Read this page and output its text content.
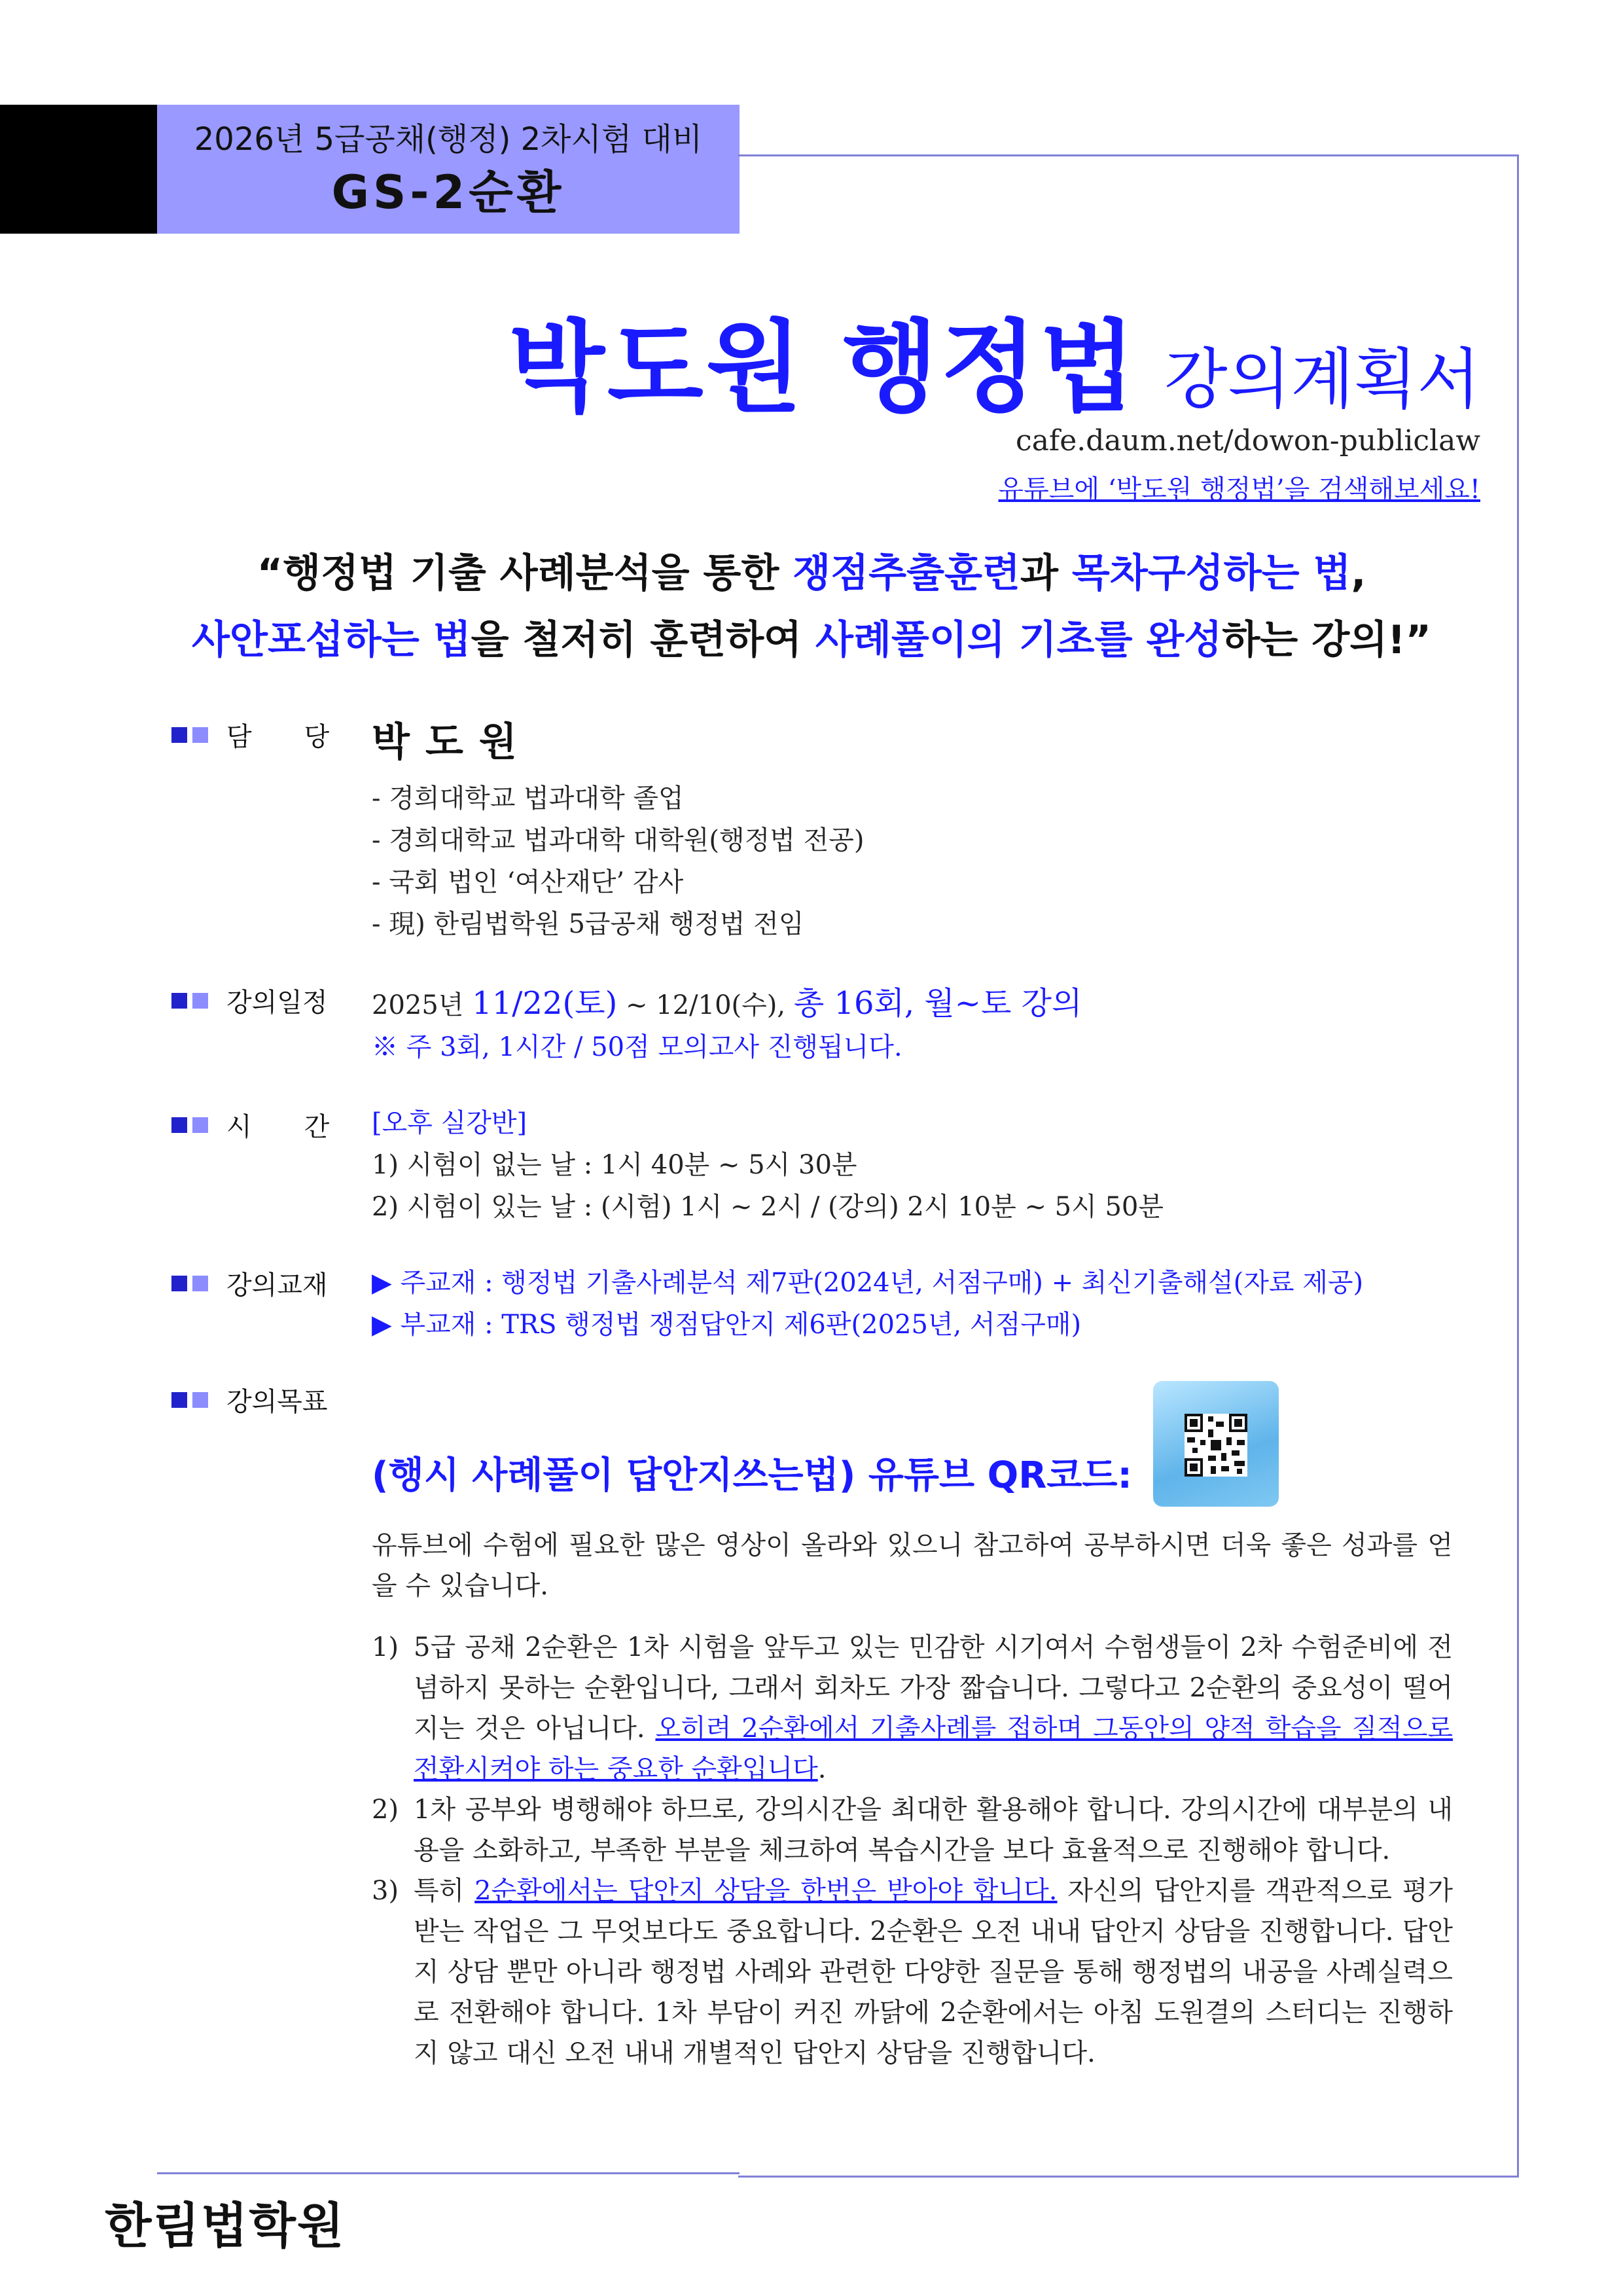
2026년 5급공채(행정) 2차시험 대비
GS-2순환
박도원 행정법 강의계획서
cafe.daum.net/dowon-publiclaw
유튜브에 ‘박도원 행정법’을 검색해보세요!
“행정법 기출 사례분석을 통한 쟁점추출훈련과 목차구성하는 법,
사안포섭하는 법을 철저히 훈련하여 사례풀이의 기초를 완성하는 강의!”
담　　당 박도원
- 경희대학교 법과대학 졸업
- 경희대학교 법과대학 대학원(행정법 전공)
- 국회 법인 ‘여산재단’ 감사
- 現) 한림법학원 5급공채 행정법 전임
강의일정 2025년 11/22(토) ~ 12/10(수), 총 16회, 월~토 강의
※ 주 3회, 1시간 / 50점 모의고사 진행됩니다.
시　　간 [오후 실강반]
1) 시험이 없는 날 : 1시 40분 ~ 5시 30분
2) 시험이 있는 날 : (시험) 1시 ~ 2시 / (강의) 2시 10분 ~ 5시 50분
강의교재 ▶ 주교재 : 행정법 기출사례분석 제7판(2024년, 서점구매) + 최신기출해설(자료 제공)
▶ 부교재 : TRS 행정법 쟁점답안지 제6판(2025년, 서점구매)
강의목표
(행시 사례풀이 답안지쓰는법) 유튜브 QR코드:
유튜브에 수험에 필요한 많은 영상이 올라와 있으니 참고하여 공부하시면 더욱 좋은 성과를 얻을 수 있습니다.
1) 5급 공채 2순환은 1차 시험을 앞두고 있는 민감한 시기여서 수험생들이 2차 수험준비에 전념하지 못하는 순환입니다, 그래서 회차도 가장 짧습니다. 그렇다고 2순환의 중요성이 떨어지는 것은 아닙니다. 오히려 2순환에서 기출사례를 접하며 그동안의 양적 학습을 질적으로 전환시켜야 하는 중요한 순환입니다.
2) 1차 공부와 병행해야 하므로, 강의시간을 최대한 활용해야 합니다. 강의시간에 대부분의 내용을 소화하고, 부족한 부분을 체크하여 복습시간을 보다 효율적으로 진행해야 합니다.
3) 특히 2순환에서는 답안지 상담을 한번은 받아야 합니다. 자신의 답안지를 객관적으로 평가받는 작업은 그 무엇보다도 중요합니다. 2순환은 오전 내내 답안지 상담을 진행합니다. 답안지 상담 뿐만 아니라 행정법 사례와 관련한 다양한 질문을 통해 행정법의 내공을 사례실력으로 전환해야 합니다. 1차 부담이 커진 까닭에 2순환에서는 아침 도원결의 스터디는 진행하지 않고 대신 오전 내내 개별적인 답안지 상담을 진행합니다.
한림법학원
